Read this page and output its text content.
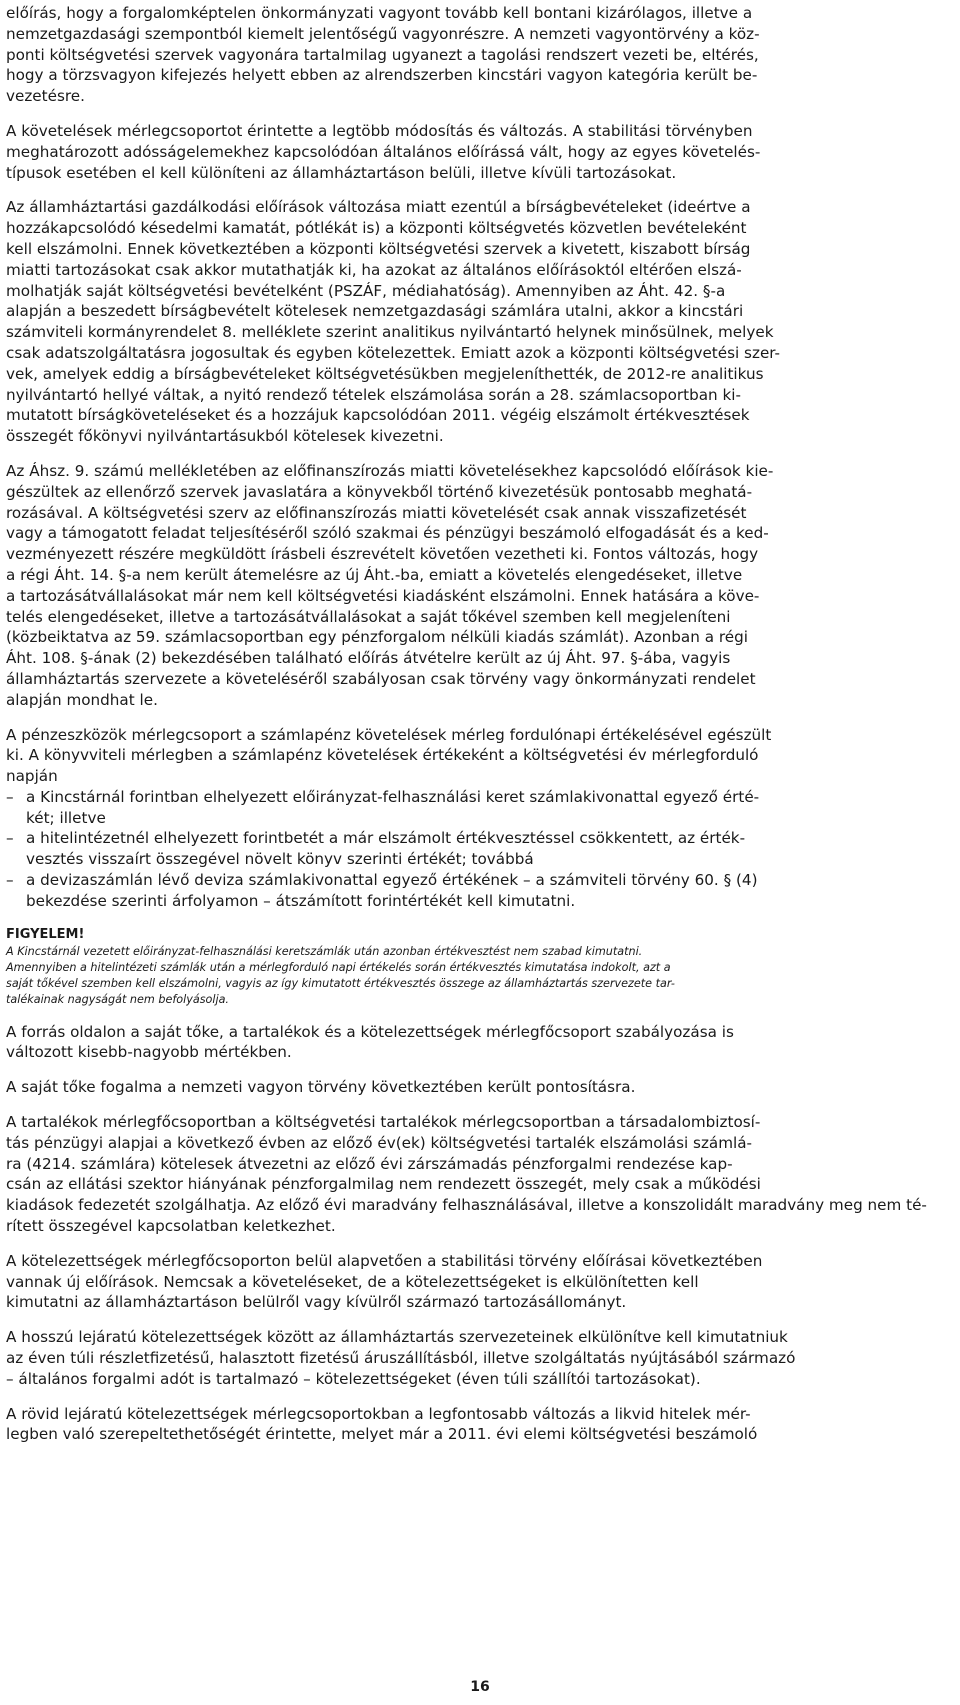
előírás, hogy a forgalomképtelen önkormányzati vagyont tovább kell bontani kizárólagos, illetve a
nemzetgazdasági szempontból kiemelt jelentőségű vagyonrészre. A nemzeti vagyontörvény a köz-
ponti költségvetési szervek vagyonára tartalmilag ugyanezt a tagolási rendszert vezeti be, eltérés,
hogy a törzsvagyon kifejezés helyett ebben az alrendszerben kincstári vagyon kategória került be-
vezetésre.

A követelések mérlegcsoportot érintette a legtöbb módosítás és változás. A stabilitási törvényben
meghatározott adósságelemekhez kapcsolódóan általános előírássá vált, hogy az egyes követelés-
típusok esetében el kell különíteni az államháztartáson belüli, illetve kívüli tartozásokat.

Az államháztartási gazdálkodási előírások változása miatt ezentúl a bírságbevételeket (ideértve a
hozzákapcsolódó késedelmi kamatát, pótlékát is) a központi költségvetés közvetlen bevételeként
kell elszámolni. Ennek következtében a központi költségvetési szervek a kivetett, kiszabott bírság
miatti tartozásokat csak akkor mutathatják ki, ha azokat az általános előírásoktól eltérően elszá-
molhatják saját költségvetési bevételként (PSZÁF, médiahatóság). Amennyiben az Áht. 42. §-a
alapján a beszedett bírságbevételt kötelesek nemzetgazdasági számlára utalni, akkor a kincstári
számviteli kormányrendelet 8. melléklete szerint analitikus nyilvántartó helynek minősülnek, melyek
csak adatszolgáltatásra jogosultak és egyben kötelezettek. Emiatt azok a központi költségvetési szer-
vek, amelyek eddig a bírságbevételeket költségvetésükben megjeleníthették, de 2012-re analitikus
nyilvántartó hellyé váltak, a nyitó rendező tételek elszámolása során a 28. számlacsoportban ki-
mutatott bírságköveteléseket és a hozzájuk kapcsolódóan 2011. végéig elszámolt értékvesztések
összegét főkönyvi nyilvántartásukból kötelesek kivezetni.

Az Áhsz. 9. számú mellékletében az előfinanszírozás miatti követelésekhez kapcsolódó előírások kie-
gészültek az ellenőrző szervek javaslatára a könyvekből történő kivezetésük pontosabb meghatá-
rozásával. A költségvetési szerv az előfinanszírozás miatti követelését csak annak visszafizetését
vagy a támogatott feladat teljesítéséről szóló szakmai és pénzügyi beszámoló elfogadását és a ked-
vezményezett részére megküldött írásbeli észrevételt követően vezetheti ki. Fontos változás, hogy
a régi Áht. 14. §-a nem került átemelésre az új Áht.-ba, emiatt a követelés elengedéseket, illetve
a tartozásátvállalásokat már nem kell költségvetési kiadásként elszámolni. Ennek hatására a köve-
telés elengedéseket, illetve a tartozásátvállalásokat a saját tőkével szemben kell megjeleníteni
(közbeiktatva az 59. számlacsoportban egy pénzforgalom nélküli kiadás számlát). Azonban a régi
Áht. 108. §-ának (2) bekezdésében található előírás átvételre került az új Áht. 97. §-ába, vagyis
államháztartás szervezete a követeléséről szabályosan csak törvény vagy önkormányzati rendelet
alapján mondhat le.

A pénzeszközök mérlegcsoport a számlapénz követelések mérleg fordulónapi értékelésével egészült
ki. A könyvviteli mérlegben a számlapénz követelések értékeként a költségvetési év mérlegforduló
napján

– a Kincstárnál forintban elhelyezett előirányzat-felhasználási keret számlakivonattal egyező érté-
két; illetve
– a hitelintézetnél elhelyezett forintbetét a már elszámolt értékvesztéssel csökkentett, az érték-
vesztés visszaírt összegével növelt könyv szerinti értékét; továbbá
– a devizaszámlán lévő deviza számlakivonattal egyező értékének – a számviteli törvény 60. § (4)
bekezdése szerinti árfolyamon – átszámított forintértékét kell kimutatni.

FIGYELEM!

A Kincstárnál vezetett előirányzat-felhasználási keretszámlák után azonban értékvesztést nem szabad kimutatni.
Amennyiben a hitelintézeti számlák után a mérlegforduló napi értékelés során értékvesztés kimutatása indokolt, azt a
saját tőkével szemben kell elszámolni, vagyis az így kimutatott értékvesztés összege az államháztartás szervezete tar-
talékainak nagyságát nem befolyásolja.

A forrás oldalon a saját tőke, a tartalékok és a kötelezettségek mérlegfőcsoport szabályozása is
változott kisebb-nagyobb mértékben.

A saját tőke fogalma a nemzeti vagyon törvény következtében került pontosításra.

A tartalékok mérlegfőcsoportban a költségvetési tartalékok mérlegcsoportban a társadalombiztosí-
tás pénzügyi alapjai a következő évben az előző év(ek) költségvetési tartalék elszámolási számlá-
ra (4214. számlára) kötelesek átvezetni az előző évi zárszámadás pénzforgalmi rendezése kap-
csán az ellátási szektor hiányának pénzforgalmilag nem rendezett összegét, mely csak a működési
kiadások fedezetét szolgálhatja. Az előző évi maradvány felhasználásával, illetve a konszolidált maradvány meg nem té-
rített összegével kapcsolatban keletkezhet.

A kötelezettségek mérlegfőcsoporton belül alapvetően a stabilitási törvény előírásai következtében
vannak új előírások. Nemcsak a követeléseket, de a kötelezettségeket is elkülönítetten kell
kimutatni az államháztartáson belülről vagy kívülről származó tartozásállományt.

A hosszú lejáratú kötelezettségek között az államháztartás szervezeteinek elkülönítve kell kimutatniuk
az éven túli részletfizetésű, halasztott fizetésű áruszállításból, illetve szolgáltatás nyújtásából származó
– általános forgalmi adót is tartalmazó – kötelezettségeket (éven túli szállítói tartozásokat).

A rövid lejáratú kötelezettségek mérlegcsoportokban a legfontosabb változás a likvid hitelek mér-
legben való szerepeltethetőségét érintette, melyet már a 2011. évi elemi költségvetési beszámoló

16
